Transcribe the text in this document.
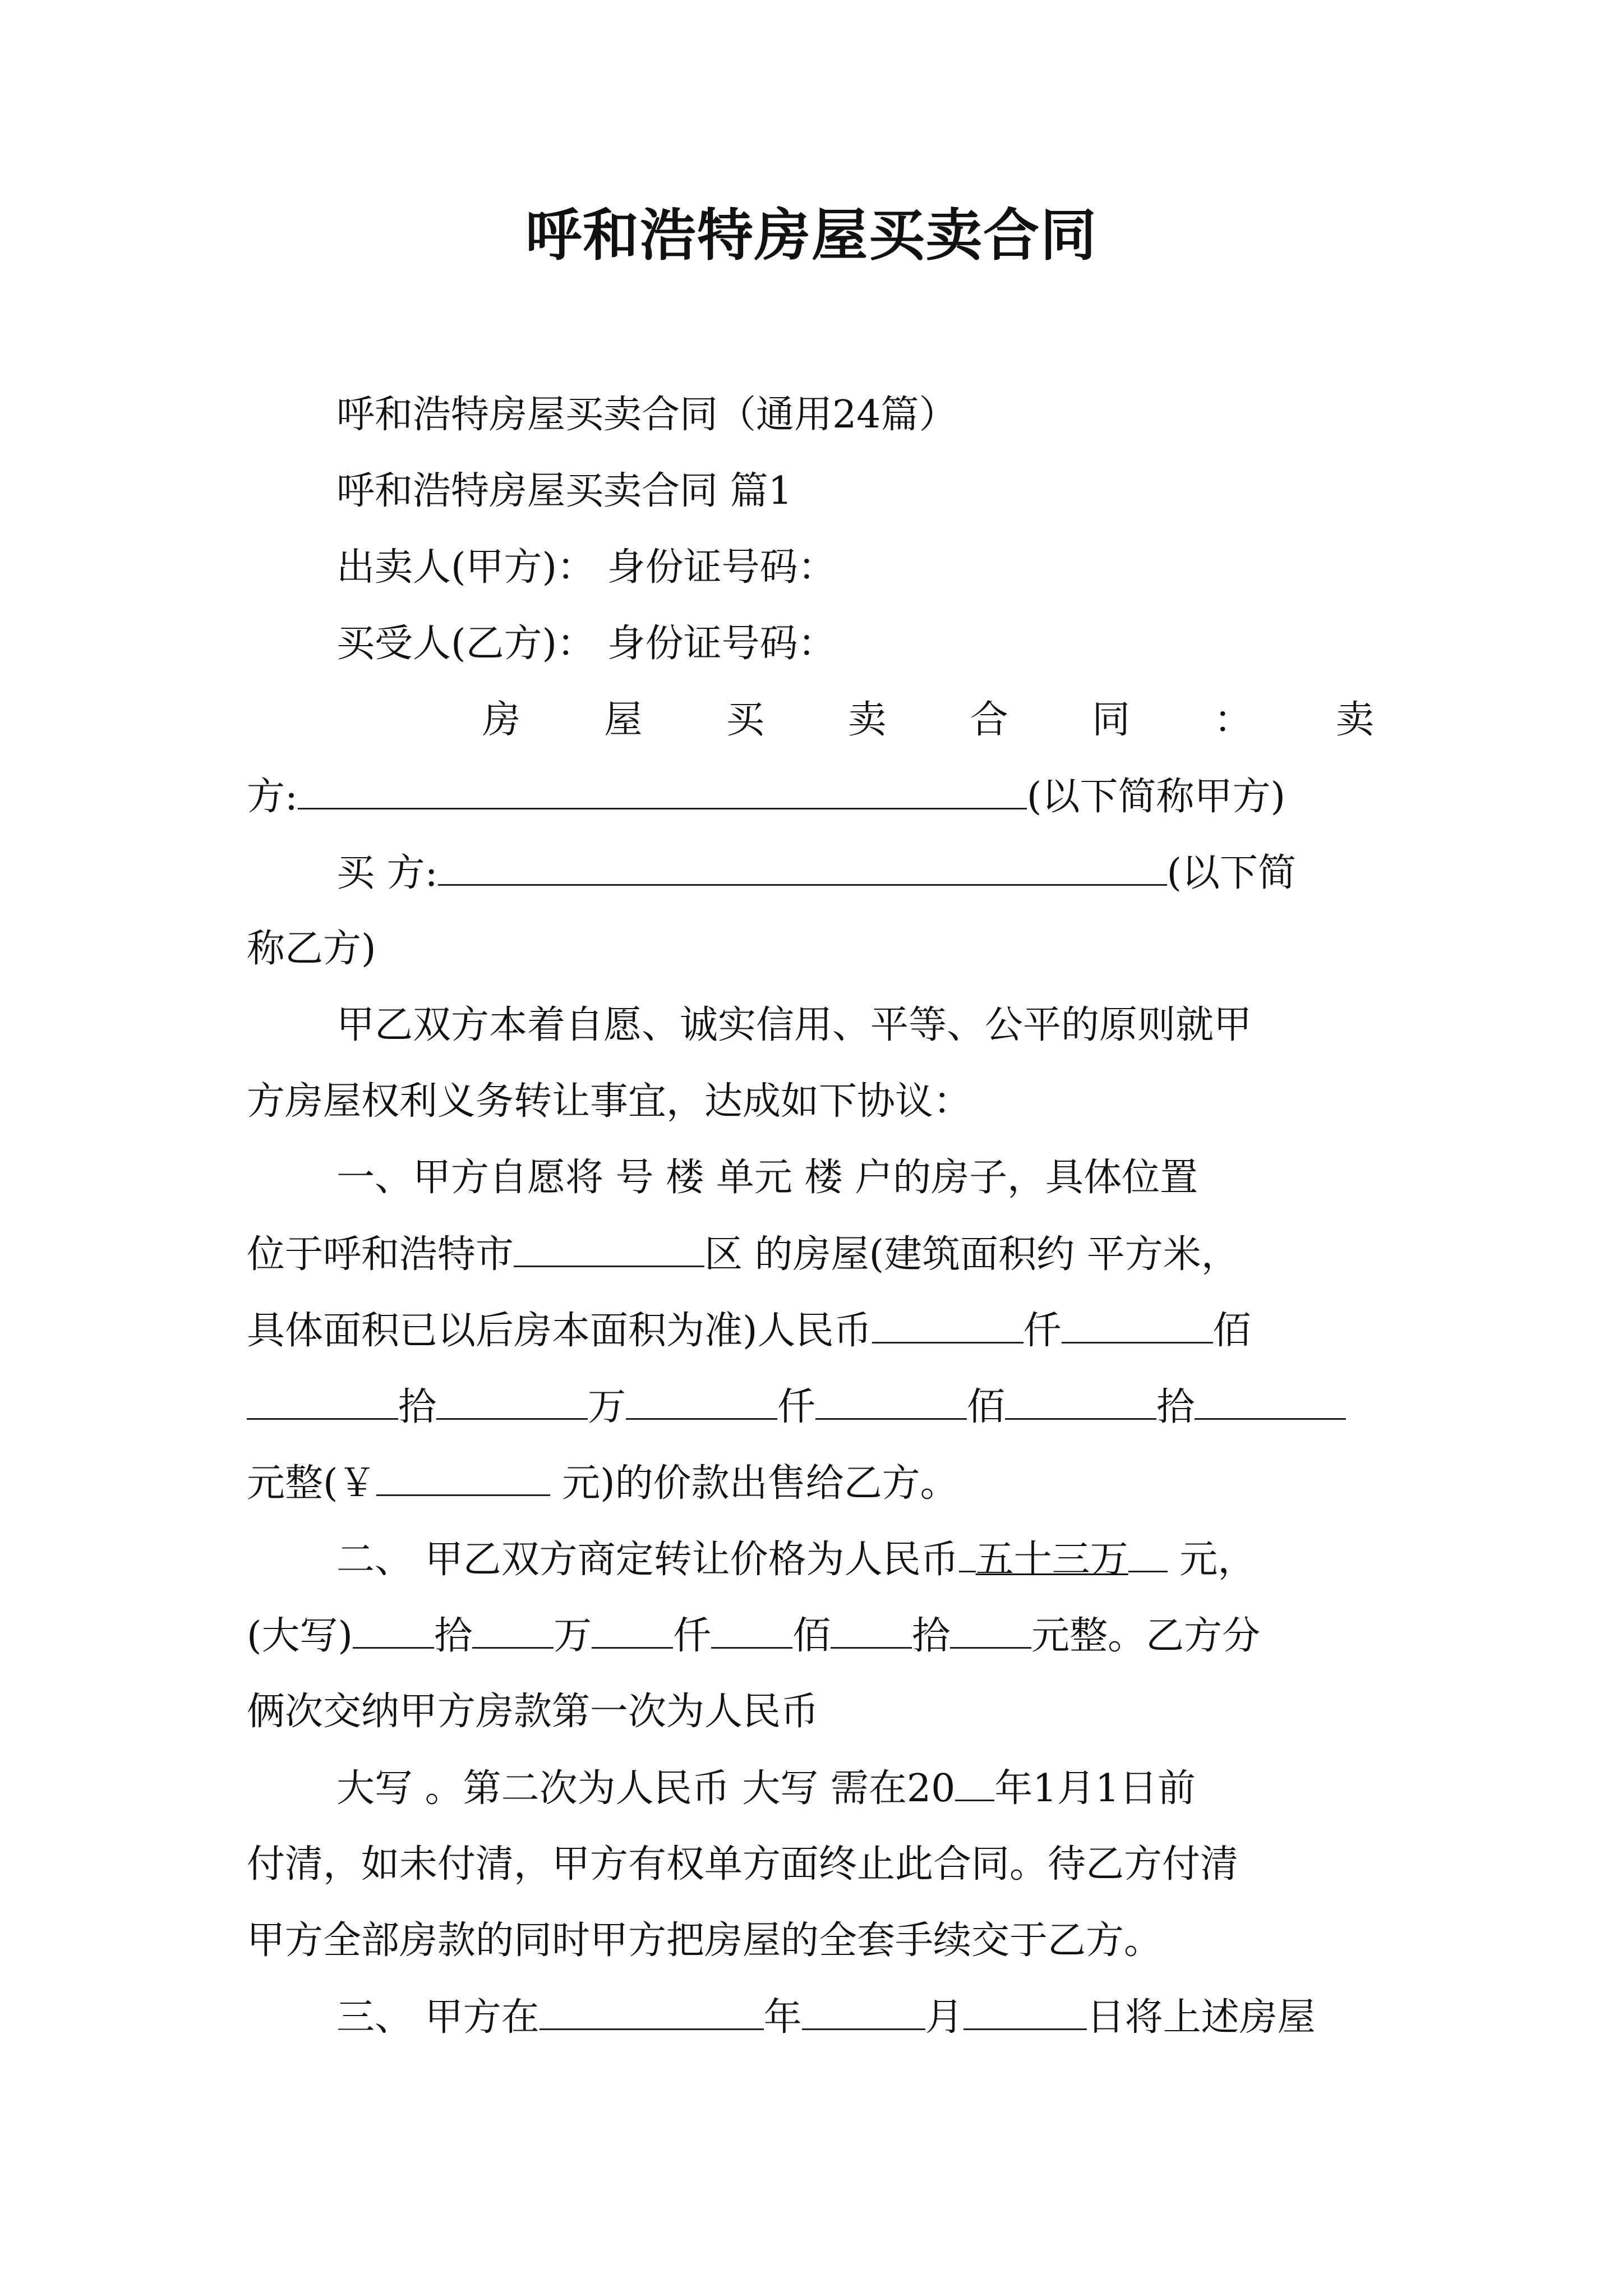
呼和浩特房屋买卖合同
呼和浩特房屋买卖合同（通用24篇）
呼和浩特房屋买卖合同 篇1
出卖人(甲方)： 身份证号码：
买受人(乙方)： 身份证号码：
房 屋 买 卖 合 同 ： 卖
方:	(以下简称甲方)
买 方:	(以下简
称乙方)
甲乙双方本着自愿、诚实信用、平等、公平的原则就甲
方房屋权利义务转让事宜，达成如下协议：
一、甲方自愿将 号 楼 单元 楼 户的房子，具体位置
位于呼和浩特市	区 的房屋(建筑面积约 平方米，
具体面积已以后房本面积为准)人民币	仟	佰
拾	万	仟	佰	拾
元整(￥	元)的价款出售给乙方。
二、 甲乙双方商定转让价格为人民币 五十三万 元，
(大写) 拾 万 仟 佰 拾 元整。乙方分
俩次交纳甲方房款第一次为人民币
大写 。第二次为人民币 大写 需在20 年1月1日前
付清，如未付清，甲方有权单方面终止此合同。待乙方付清
甲方全部房款的同时甲方把房屋的全套手续交于乙方。
三、 甲方在	年	月	日将上述房屋
